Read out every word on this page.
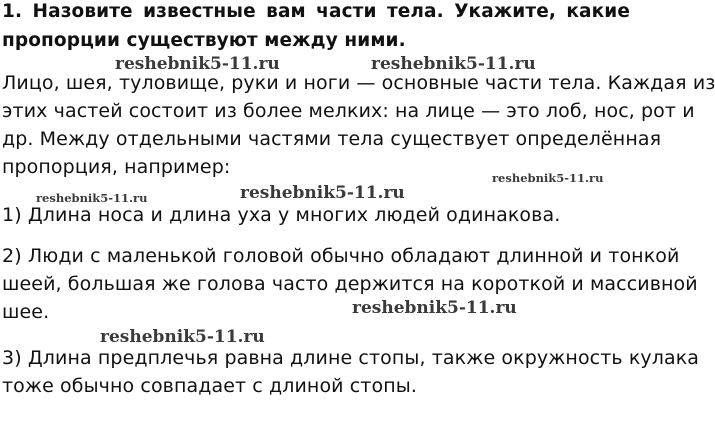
1. Назовите известные вам части тела. Укажите, какие
пропорции существуют между ними.
Лицо, шея, туловище, руки и ноги — основные части тела. Каждая из
этих частей состоит из более мелких: на лице — это лоб, нос, рот и
др. Между отдельными частями тела существует определённая
пропорция, например:
1) Длина носа и длина уха у многих людей одинакова.
2) Люди с маленькой головой обычно обладают длинной и тонкой
шеей, большая же голова часто держится на короткой и массивной
шее.
3) Длина предплечья равна длине стопы, также окружность кулака
тоже обычно совпадает с длиной стопы.
reshebnik5-11.ru	reshebnik5-11.ru
reshebnik5-11.ru	reshebnik5-11.ru
reshebnik5-11.ru
reshebnik5-11.ru
reshebnik5-11.ru
